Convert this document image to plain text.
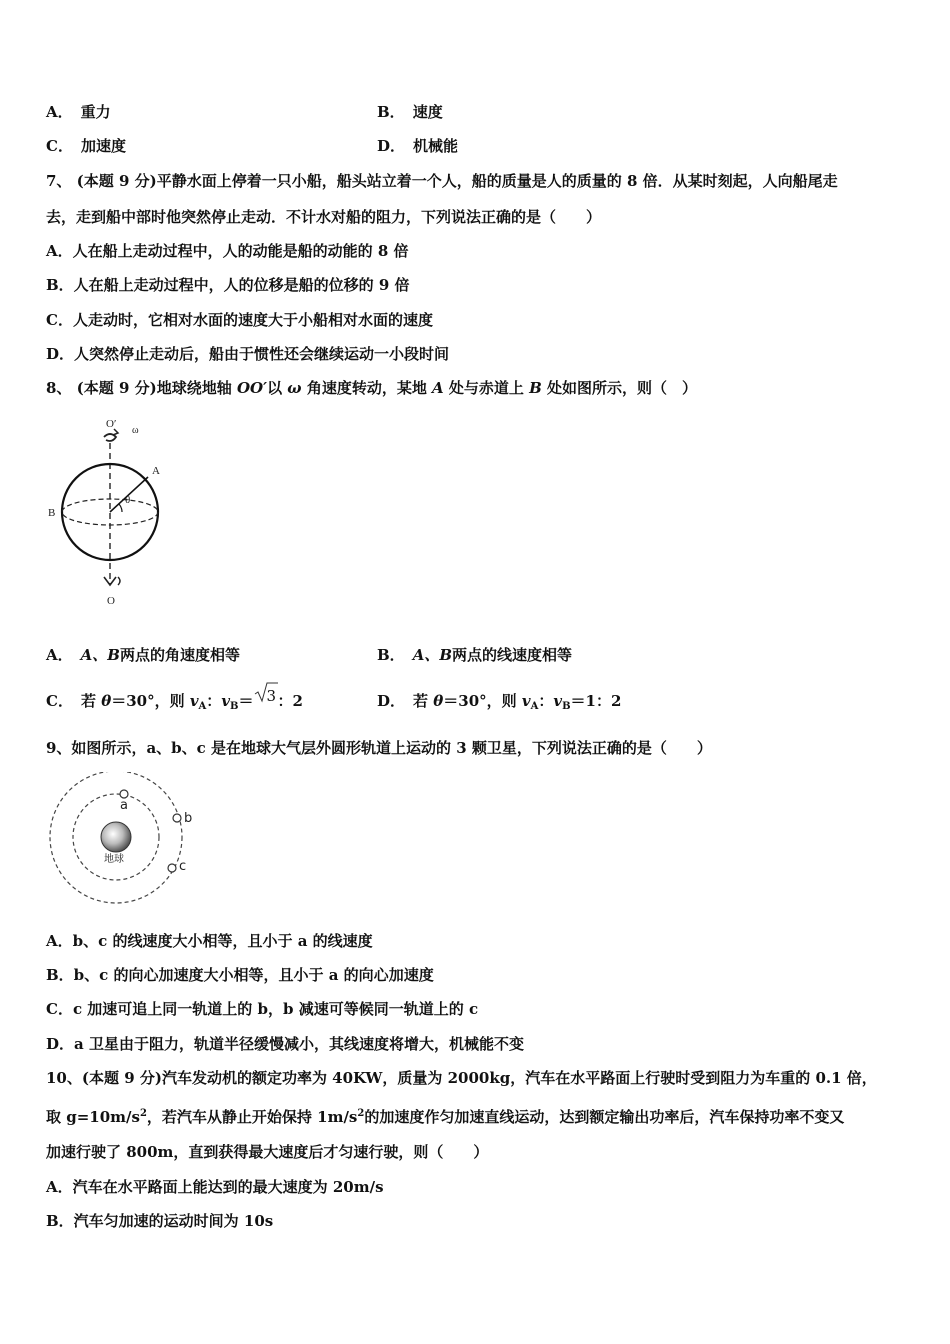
A． 重力	B． 速度
C． 加速度	D． 机械能
7、 (本题 9 分)平静水面上停着一只小船，船头站立着一个人，船的质量是人的质量的 8 倍．从某时刻起，人向船尾走
去，走到船中部时他突然停止走动．不计水对船的阻力，下列说法正确的是（　　）
A．人在船上走动过程中，人的动能是船的动能的 8 倍
B．人在船上走动过程中，人的位移是船的位移的 9 倍
C．人走动时，它相对水面的速度大于小船相对水面的速度
D．人突然停止走动后，船由于惯性还会继续运动一小段时间
8、 (本题 9 分)地球绕地轴 OO′以 ω 角速度转动，某地 A 处与赤道上 B 处如图所示，则（　）
O′
ω
A
θ
B
O
A． A、B两点的角速度相等	B． A、B两点的线速度相等
C． 若 θ＝30°，则 $v_A$：$v_B= 3$ ：2	D． 若 θ＝30°，则 $v_A$：$v_B=1$：2
9、如图所示，a、b、c 是在地球大气层外圆形轨道上运动的 3 颗卫星，下列说法正确的是（　　）
地球
a
b
c
A．b、c 的线速度大小相等，且小于 a 的线速度
B．b、c 的向心加速度大小相等，且小于 a 的向心加速度
C．c 加速可追上同一轨道上的 b，b 减速可等候同一轨道上的 c
D．a 卫星由于阻力，轨道半径缓慢减小，其线速度将增大，机械能不变
10、(本题 9 分)汽车发动机的额定功率为 40KW，质量为 2000kg，汽车在水平路面上行驶时受到阻力为车重的 0.1 倍，
取 $g=10m/s^2$，若汽车从静止开始保持 $1m/s^2$的加速度作匀加速直线运动，达到额定输出功率后，汽车保持功率不变又
加速行驶了 800m，直到获得最大速度后才匀速行驶，则（　　）
A．汽车在水平路面上能达到的最大速度为 20m/s
B．汽车匀加速的运动时间为 10s
